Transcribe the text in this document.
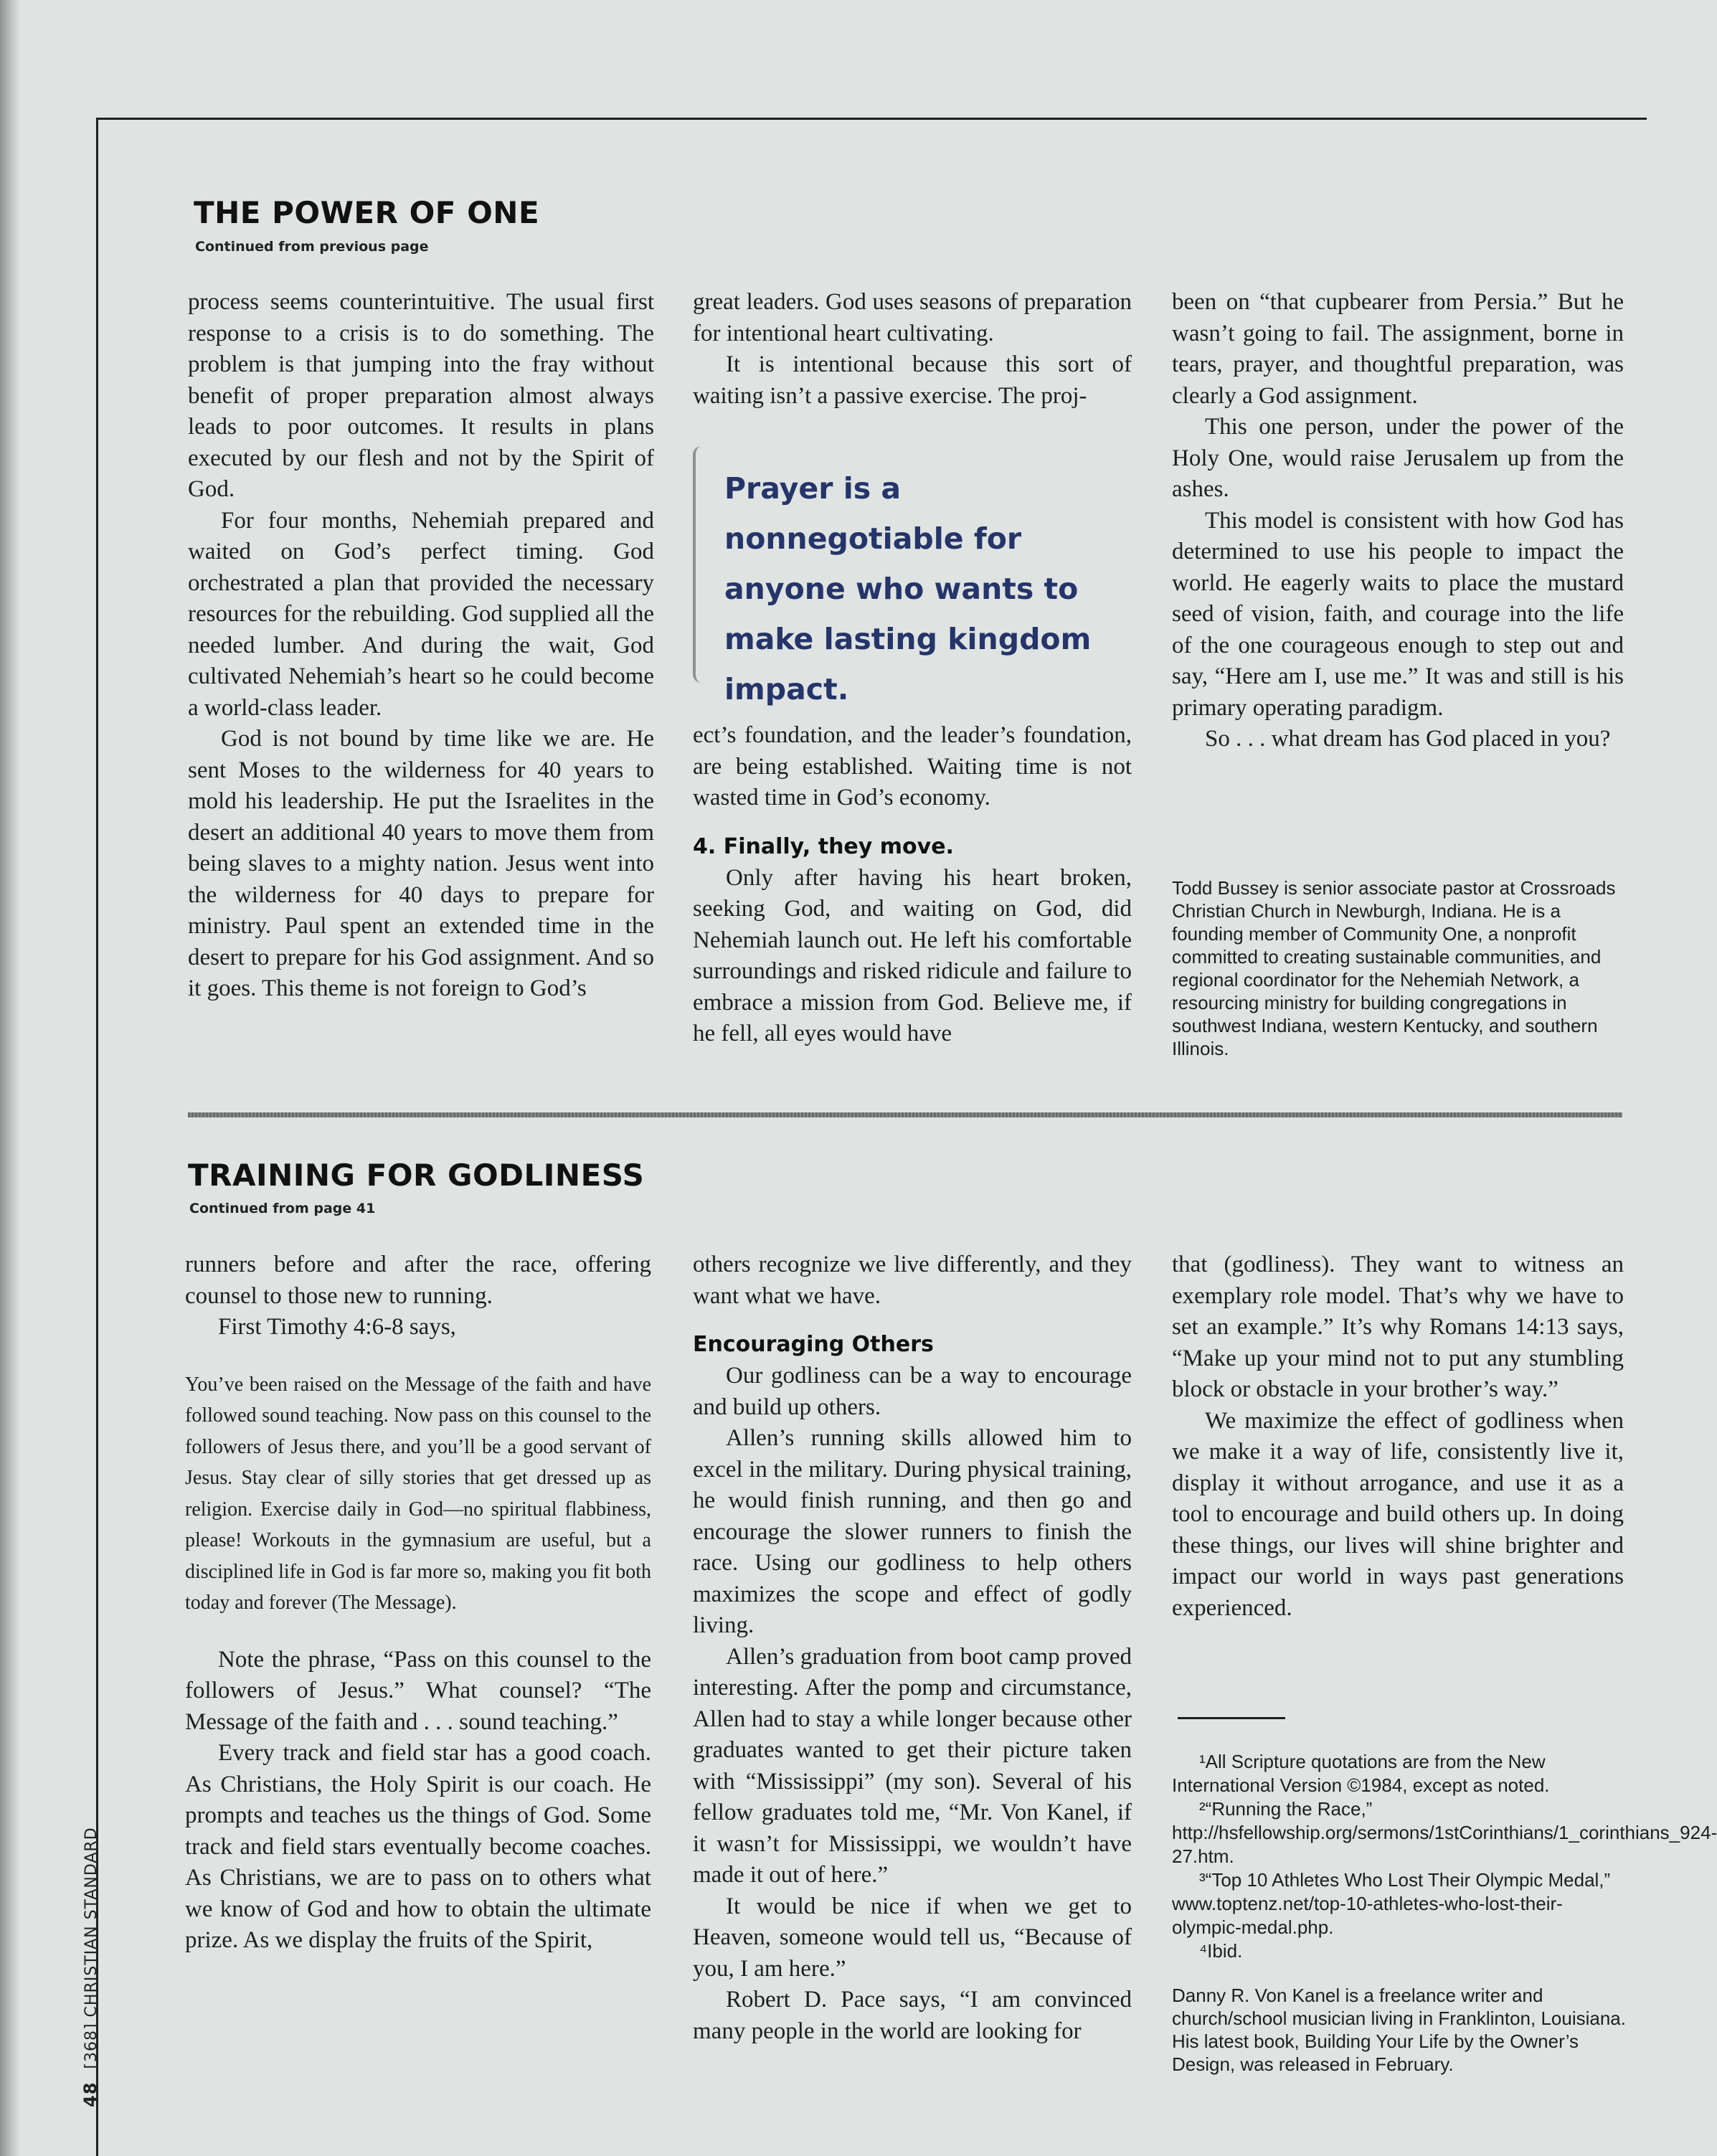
THE POWER OF ONE
Continued from previous page

process seems counterintuitive. The usual first response to a crisis is to do something. The problem is that jumping into the fray without benefit of proper preparation almost always leads to poor outcomes. It results in plans executed by our flesh and not by the Spirit of God.

For four months, Nehemiah prepared and waited on God’s perfect timing. God orchestrated a plan that provided the necessary resources for the rebuilding. God supplied all the needed lumber. And during the wait, God cultivated Nehemiah’s heart so he could become a world-class leader.

God is not bound by time like we are. He sent Moses to the wilderness for 40 years to mold his leadership. He put the Israelites in the desert an additional 40 years to move them from being slaves to a mighty nation. Jesus went into the wilderness for 40 days to prepare for ministry. Paul spent an extended time in the desert to prepare for his God assignment. And so it goes. This theme is not foreign to God’s

great leaders. God uses seasons of preparation for intentional heart cultivating.

It is intentional because this sort of waiting isn’t a passive exercise. The proj-

Prayer is a nonnegotiable for anyone who wants to make lasting kingdom impact.

ect’s foundation, and the leader’s foundation, are being established. Waiting time is not wasted time in God’s economy.

4. Finally, they move.

Only after having his heart broken, seeking God, and waiting on God, did Nehemiah launch out. He left his comfortable surroundings and risked ridicule and failure to embrace a mission from God. Believe me, if he fell, all eyes would have

been on “that cupbearer from Persia.” But he wasn’t going to fail. The assignment, borne in tears, prayer, and thoughtful preparation, was clearly a God assignment.

This one person, under the power of the Holy One, would raise Jerusalem up from the ashes.

This model is consistent with how God has determined to use his people to impact the world. He eagerly waits to place the mustard seed of vision, faith, and courage into the life of the one courageous enough to step out and say, “Here am I, use me.” It was and still is his primary operating paradigm.

So . . . what dream has God placed in you?

Todd Bussey is senior associate pastor at Crossroads Christian Church in Newburgh, Indiana. He is a founding member of Community One, a nonprofit committed to creating sustainable communities, and regional coordinator for the Nehemiah Network, a resourcing ministry for building congregations in southwest Indiana, western Kentucky, and southern Illinois.
TRAINING FOR GODLINESS
Continued from page 41

runners before and after the race, offering counsel to those new to running.

First Timothy 4:6-8 says,

You’ve been raised on the Message of the faith and have followed sound teaching. Now pass on this counsel to the followers of Jesus there, and you’ll be a good servant of Jesus. Stay clear of silly stories that get dressed up as religion. Exercise daily in God—no spiritual flabbiness, please! Workouts in the gymnasium are useful, but a disciplined life in God is far more so, making you fit both today and forever (The Message).

Note the phrase, “Pass on this counsel to the followers of Jesus.” What counsel? “The Message of the faith and . . . sound teaching.”

Every track and field star has a good coach. As Christians, the Holy Spirit is our coach. He prompts and teaches us the things of God. Some track and field stars eventually become coaches. As Christians, we are to pass on to others what we know of God and how to obtain the ultimate prize. As we display the fruits of the Spirit,

others recognize we live differently, and they want what we have.

Encouraging Others

Our godliness can be a way to encourage and build up others.

Allen’s running skills allowed him to excel in the military. During physical training, he would finish running, and then go and encourage the slower runners to finish the race. Using our godliness to help others maximizes the scope and effect of godly living.

Allen’s graduation from boot camp proved interesting. After the pomp and circumstance, Allen had to stay a while longer because other graduates wanted to get their picture taken with “Mississippi” (my son). Several of his fellow graduates told me, “Mr. Von Kanel, if it wasn’t for Mississippi, we wouldn’t have made it out of here.”

It would be nice if when we get to Heaven, someone would tell us, “Because of you, I am here.”

Robert D. Pace says, “I am convinced many people in the world are looking for

that (godliness). They want to witness an exemplary role model. That’s why we have to set an example.” It’s why Romans 14:13 says, “Make up your mind not to put any stumbling block or obstacle in your brother’s way.”

We maximize the effect of godliness when we make it a way of life, consistently live it, display it without arrogance, and use it as a tool to encourage and build others up. In doing these things, our lives will shine brighter and impact our world in ways past generations experienced.

¹All Scripture quotations are from the New International Version ©1984, except as noted.
²“Running the Race,” http://hsfellowship.org/sermons/1stCorinthians/1_corinthians_924-27.htm.
³“Top 10 Athletes Who Lost Their Olympic Medal,” www.toptenz.net/top-10-athletes-who-lost-their-olympic-medal.php.
⁴Ibid.
Danny R. Von Kanel is a freelance writer and church/school musician living in Franklinton, Louisiana. His latest book, Building Your Life by the Owner’s Design, was released in February.
48 [368] CHRISTIAN STANDARD
